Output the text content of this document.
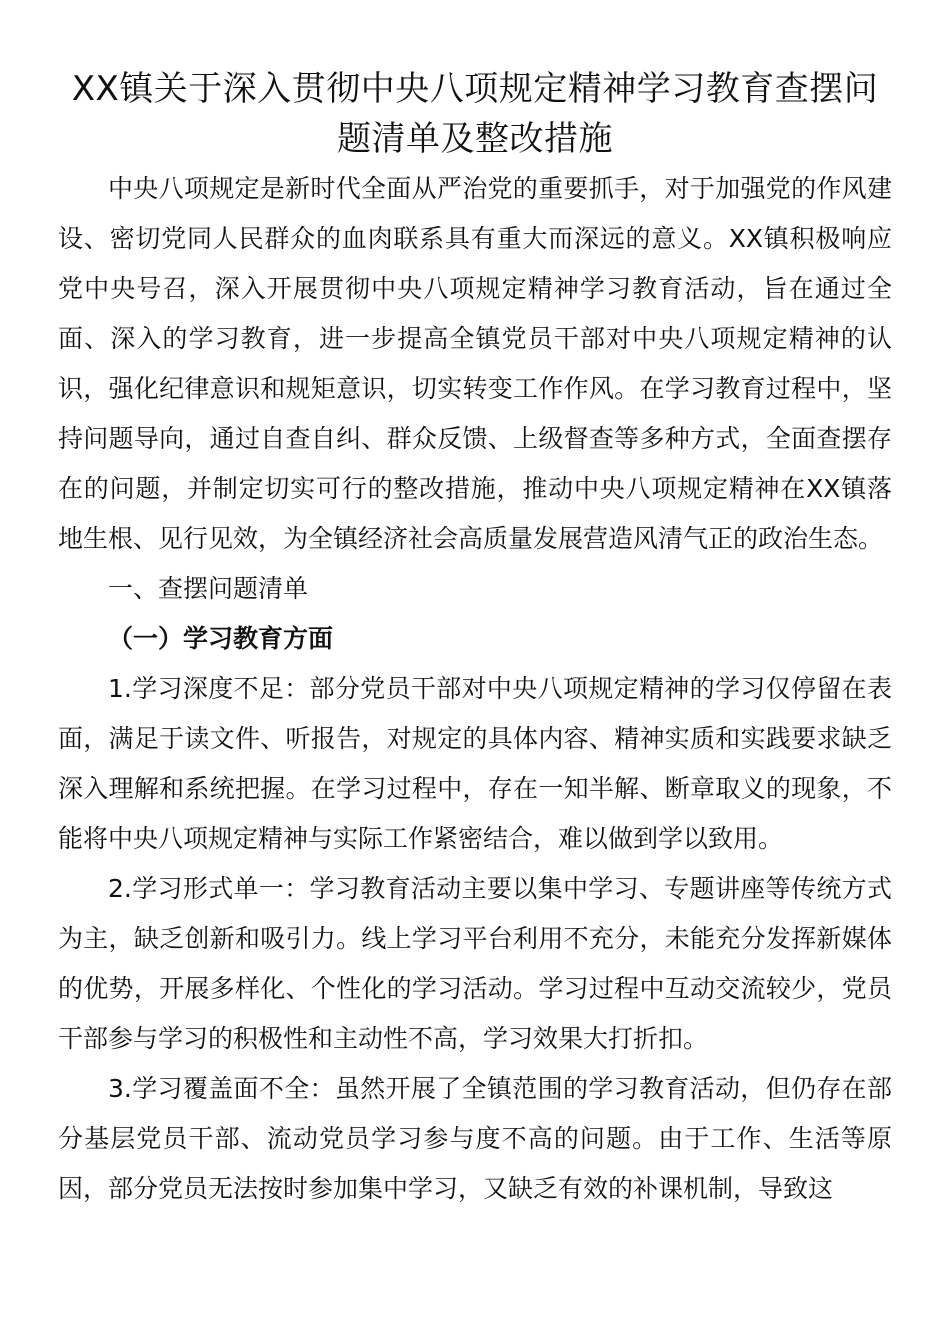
XX镇关于深入贯彻中央八项规定精神学习教育查摆问题清单及整改措施

中央八项规定是新时代全面从严治党的重要抓手，对于加强党的作风建设、密切党同人民群众的血肉联系具有重大而深远的意义。XX镇积极响应党中央号召，深入开展贯彻中央八项规定精神学习教育活动，旨在通过全面、深入的学习教育，进一步提高全镇党员干部对中央八项规定精神的认识，强化纪律意识和规矩意识，切实转变工作作风。在学习教育过程中，坚持问题导向，通过自查自纠、群众反馈、上级督查等多种方式，全面查摆存在的问题，并制定切实可行的整改措施，推动中央八项规定精神在XX镇落地生根、见行见效，为全镇经济社会高质量发展营造风清气正的政治生态。

一、查摆问题清单

（一）学习教育方面

1.学习深度不足：部分党员干部对中央八项规定精神的学习仅停留在表面，满足于读文件、听报告，对规定的具体内容、精神实质和实践要求缺乏深入理解和系统把握。在学习过程中，存在一知半解、断章取义的现象，不能将中央八项规定精神与实际工作紧密结合，难以做到学以致用。

2.学习形式单一：学习教育活动主要以集中学习、专题讲座等传统方式为主，缺乏创新和吸引力。线上学习平台利用不充分，未能充分发挥新媒体的优势，开展多样化、个性化的学习活动。学习过程中互动交流较少，党员干部参与学习的积极性和主动性不高，学习效果大打折扣。

3.学习覆盖面不全：虽然开展了全镇范围的学习教育活动，但仍存在部分基层党员干部、流动党员学习参与度不高的问题。由于工作、生活等原因，部分党员无法按时参加集中学习，又缺乏有效的补课机制，导致这
